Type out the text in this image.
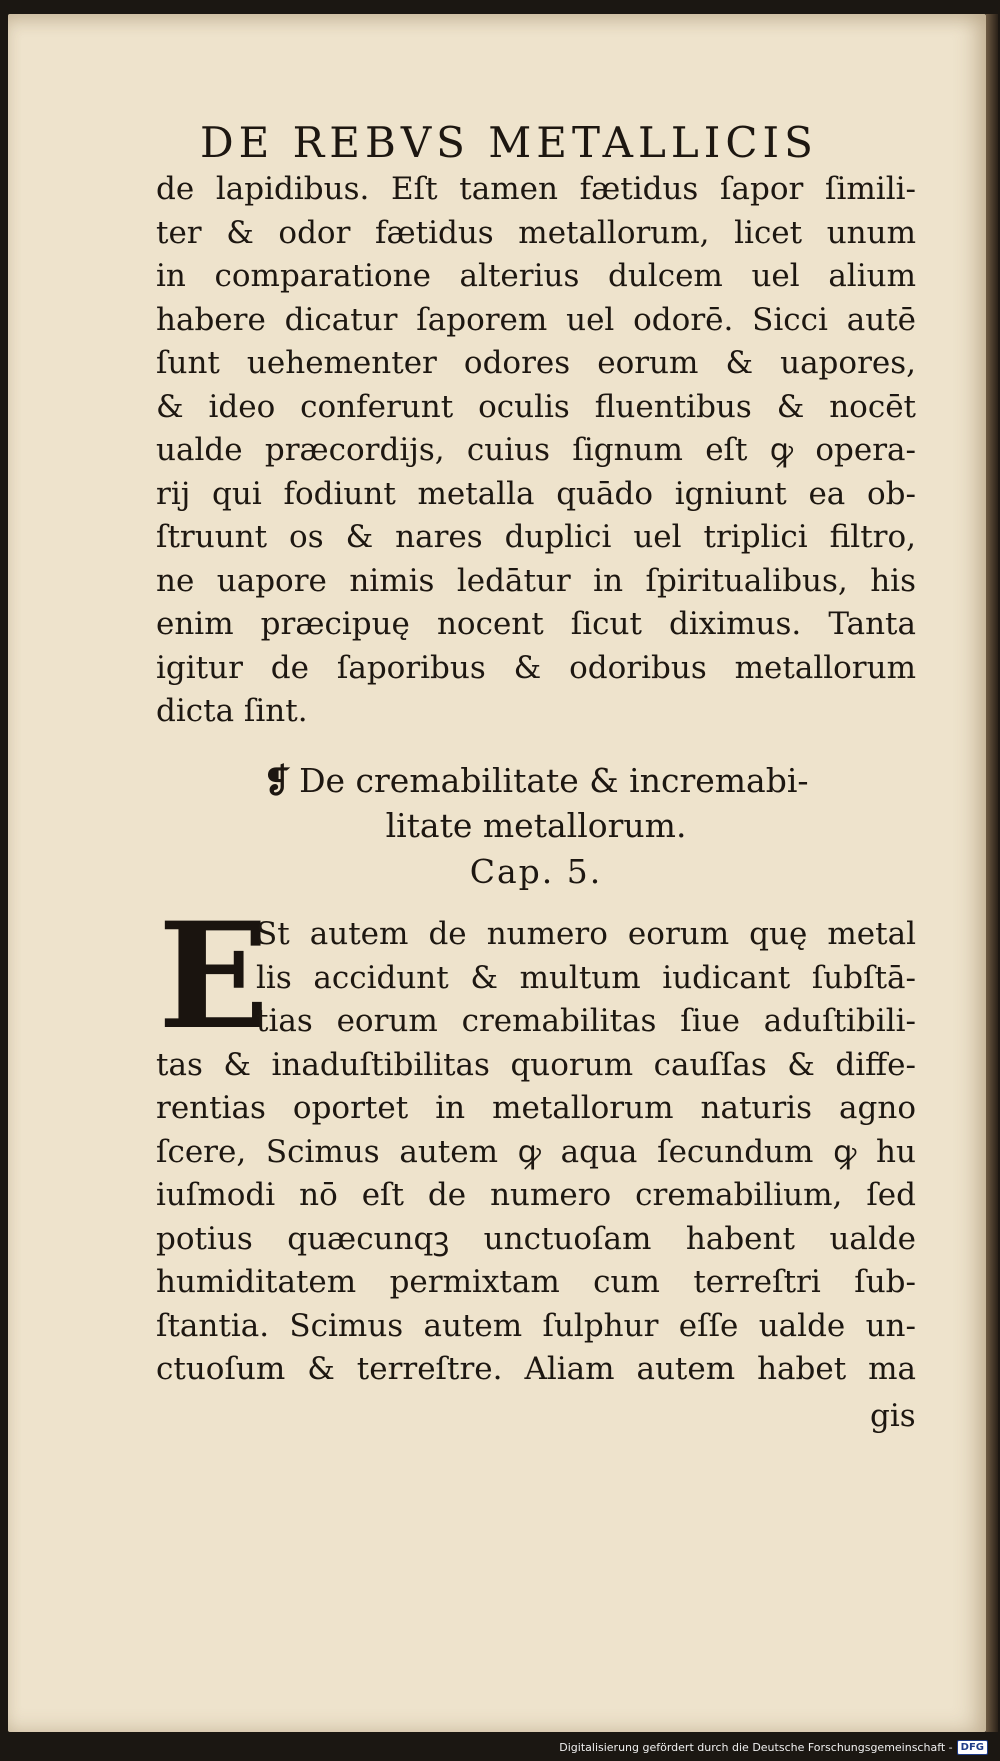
DE REBVS METALLICIS
de lapidibus. Eſt tamen fætidus ſapor ſimili-
ter & odor fætidus metallorum, licet unum
in comparatione alterius dulcem uel alium
habere dicatur ſaporem uel odorē. Sicci autē
ſunt uehementer odores eorum & uapores,
& ideo conferunt oculis fluentibus & nocēt
ualde præcordijs, cuius ſignum eſt ꝙ opera-
rij qui fodiunt metalla quādo igniunt ea ob-
ſtruunt os & nares duplici uel triplici filtro,
ne uapore nimis ledātur in ſpiritualibus, his
enim præcipuę nocent ſicut diximus. Tanta
igitur de ſaporibus & odoribus metallorum
dicta ſint.
❡ De cremabilitate & incremabi-
litate metallorum.
Cap. 5.
E
St autem de numero eorum quę metal
lis accidunt & multum iudicant ſubſtā-
tias eorum cremabilitas ſiue aduſtibili-
tas & inaduſtibilitas quorum cauſſas & diffe-
rentias oportet in metallorum naturis agno
ſcere, Scimus autem ꝙ aqua ſecundum ꝙ hu
iuſmodi nō eſt de numero cremabilium, ſed
potius quæcunqꝫ unctuoſam habent ualde
humiditatem permixtam cum terreſtri ſub-
ſtantia. Scimus autem ſulphur eſſe ualde un-
ctuoſum & terreſtre. Aliam autem habet ma
gis
Digitalisierung gefördert durch die Deutsche Forschungsgemeinschaft - DFG
